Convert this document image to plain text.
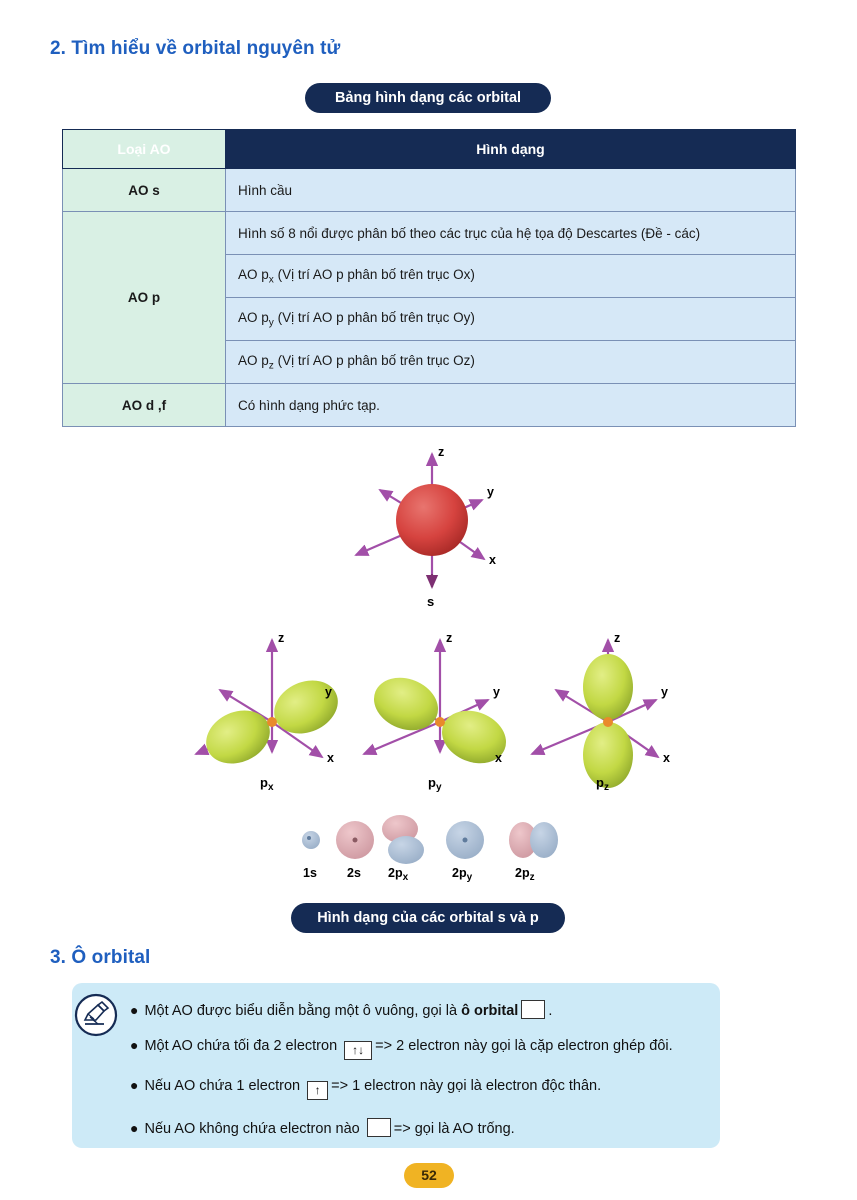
2. Tìm hiểu về orbital nguyên tử
Bảng hình dạng các orbital
Loại AO	Hình dạng
AO s	Hình cầu
AO p	Hình số 8 nổi được phân bố theo các trục của hệ tọa độ Descartes (Đề - các)
	AO $p_x$ (Vị trí AO p phân bố trên trục Ox)
	AO $p_y$ (Vị trí AO p phân bố trên trục Oy)
	AO $p_z$ (Vị trí AO p phân bố trên trục Oz)
AO d ,f	Có hình dạng phức tạp.
z
y
x
s
z
y
x
$p_x$
z
y
x
$p_y$
z
y
x
$p_z$
1s 2s $2p_x$	$2p_y$	$2p_z$
Hình dạng của các orbital s và p
3. Ô orbital
● Một AO được biểu diễn bằng một ô vuông, gọi là ô orbital .
● Một AO chứa tối đa 2 electron ↑↓ => 2 electron này gọi là cặp electron ghép đôi.
● Nếu AO chứa 1 electron ↑ => 1 electron này gọi là electron độc thân.
● Nếu AO không chứa electron nào => gọi là AO trống.
52
